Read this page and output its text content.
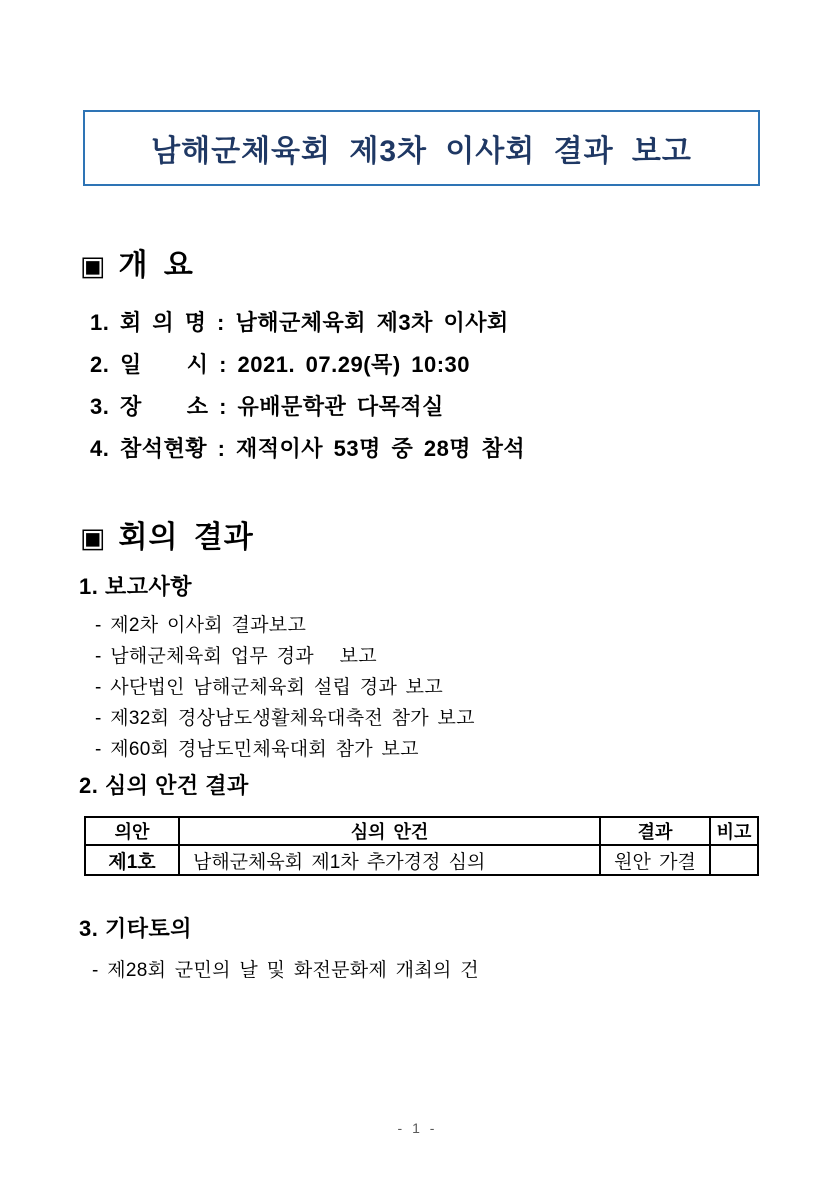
남해군체육회 제3차 이사회 결과 보고
▣ 개 요
1. 회 의 명 : 남해군체육회 제3차 이사회
2. 일　　시 : 2021. 07.29(목) 10:30
3. 장　　소 : 유배문학관 다목적실
4. 참석현황 : 재적이사 53명 중 28명 참석
▣ 회의 결과
1. 보고사항
- 제2차 이사회 결과보고
- 남해군체육회 업무 경과   보고
- 사단법인 남해군체육회 설립 경과 보고
- 제32회 경상남도생활체육대축전 참가 보고
- 제60회 경남도민체육대회 참가 보고
2. 심의 안건 결과
의안	심의 안건	결과	비고
제1호	남해군체육회 제1차 추가경정 심의	원안 가결	
3. 기타토의
- 제28회 군민의 날 및 화전문화제 개최의 건
- 1 -
